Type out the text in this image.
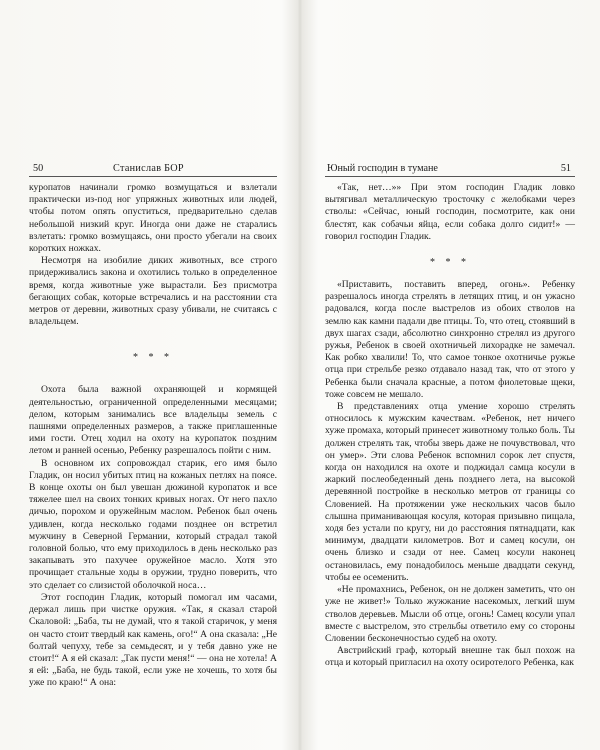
50	Станислав БОР

куропатов начинали громко возмущаться и взлетали практически из-под ног упряжных животных или людей, чтобы потом опять опуститься, предварительно сделав небольшой низкий круг. Иногда они даже не старались взлетать: громко возмущаясь, они просто убегали на своих коротких ножках.

Несмотря на изобилие диких животных, все строго придерживались закона и охотились только в определенное время, когда животные уже вырастали. Без присмотра бегающих собак, которые встречались и на расстоянии ста метров от деревни, животных сразу убивали, не считаясь с владельцем.

* * *

Охота была важной охраняющей и кормящей деятельностью, ограниченной определенными месяцами; делом, которым занимались все владельцы земель с пашнями определенных размеров, а также приглашенные ими гости. Отец ходил на охоту на куропаток поздним летом и ранней осенью, Ребенку разрешалось пойти с ним.

В основном их сопровождал старик, его имя было Гладик, он носил убитых птиц на кожаных петлях на поясе. В конце охоты он был увешан дюжиной куропаток и все тяжелее шел на своих тонких кривых ногах. От него пахло дичью, порохом и оружейным маслом. Ребенок был очень удивлен, когда несколько годами позднее он встретил мужчину в Северной Германии, который страдал такой головной болью, что ему приходилось в день несколько раз закапывать это пахучее оружейное масло. Хотя это прочищает стальные ходы в оружии, трудно поверить, что это сделает со слизистой оболочкой носа…

Этот господин Гладик, который помогал им часами, держал лишь при чистке оружия. «Так, я сказал старой Скаловой: „Баба, ты не думай, что я такой старичок, у меня он часто стоит твердый как камень, ого!“ А она сказала: „Не болтай чепуху, тебе за семьдесят, и у тебя давно уже не стоит!“ А я ей сказал: „Так пусти меня!“ — она не хотела! А я ей: „Баба, не будь такой, если уже не хочешь, то хотя бы уже по краю!“ А она:

Юный господин в тумане	51

«Так, нет…»» При этом господин Гладик ловко вытягивал металлическую тросточку с желобками через стволы: «Сейчас, юный господин, посмотрите, как они блестят, как собачьи яйца, если собака долго сидит!» — говорил господин Гладик.

* * *

«Приставить, поставить вперед, огонь». Ребенку разрешалось иногда стрелять в летящих птиц, и он ужасно радовался, когда после выстрелов из обоих стволов на землю как камни падали две птицы. То, что отец, стоявший в двух шагах сзади, абсолютно синхронно стрелял из другого ружья, Ребенок в своей охотничьей лихорадке не замечал. Как робко хвалили! То, что самое тонкое охотничье ружье отца при стрельбе резко отдавало назад так, что от этого у Ребенка были сначала красные, а потом фиолетовые щеки, тоже совсем не мешало.

В представлениях отца умение хорошо стрелять относилось к мужским качествам. «Ребенок, нет ничего хуже промаха, который принесет животному только боль. Ты должен стрелять так, чтобы зверь даже не почувствовал, что он умер». Эти слова Ребенок вспомнил сорок лет спустя, когда он находился на охоте и поджидал самца косули в жаркий послеобеденный день позднего лета, на высокой деревянной постройке в несколько метров от границы со Словенией. На протяжении уже нескольких часов было слышна приманивающая косуля, которая призывно пищала, ходя без устали по кругу, ни до расстояния пятнадцати, как минимум, двадцати километров. Вот и самец косули, он очень близко и сзади от нее. Самец косули наконец остановилась, ему понадобилось меньше двадцати секунд, чтобы ее осеменить.

«Не промахнись, Ребенок, он не должен заметить, что он уже не живет!» Только жужжание насекомых, легкий шум стволов деревьев. Мысли об отце, огонь! Самец косули упал вместе с выстрелом, это стрельбы ответило ему со стороны Словении бесконечностью судеб на охоту.

Австрийский граф, который внешне так был похож на отца и который пригласил на охоту осиротелого Ребенка, как
